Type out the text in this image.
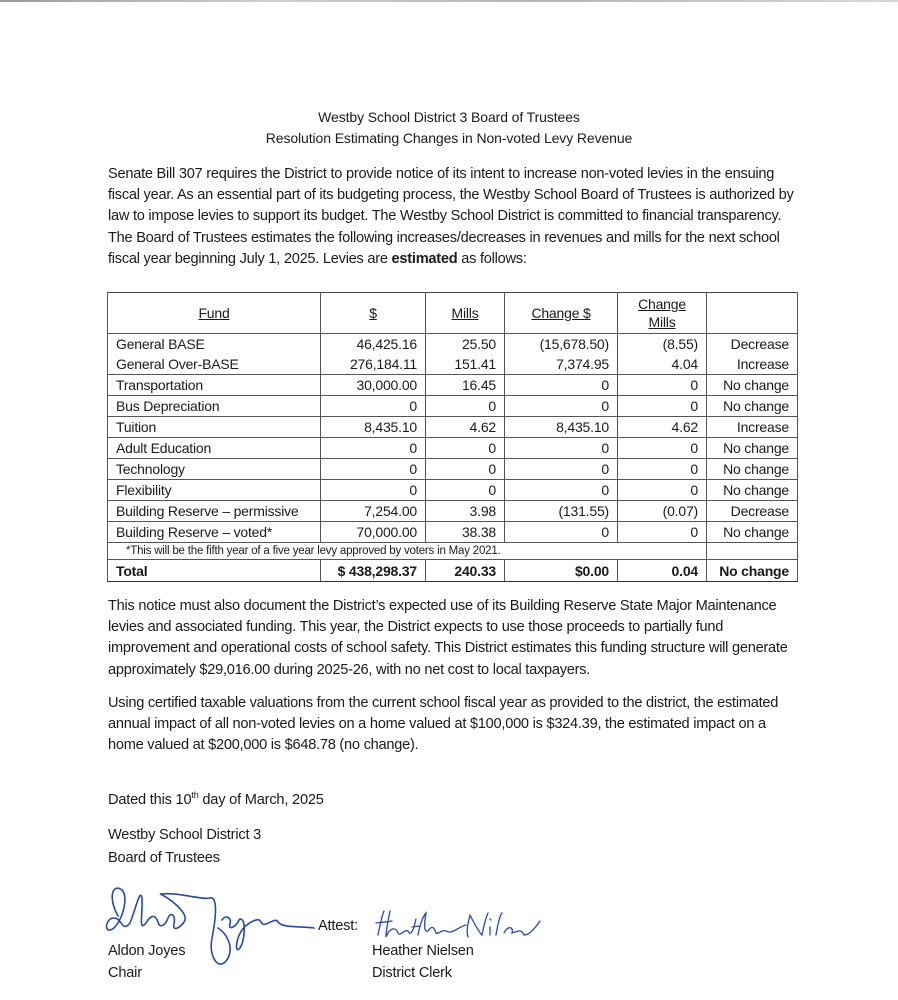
Westby School District 3 Board of Trustees
Resolution Estimating Changes in Non-voted Levy Revenue
Senate Bill 307 requires the District to provide notice of its intent to increase non-voted levies in the ensuing fiscal year. As an essential part of its budgeting process, the Westby School Board of Trustees is authorized by law to impose levies to support its budget. The Westby School District is committed to financial transparency. The Board of Trustees estimates the following increases/decreases in revenues and mills for the next school fiscal year beginning July 1, 2025. Levies are estimated as follows:
Fund	$	Mills	Change $	Change
Mills	
General BASE	46,425.16	25.50	(15,678.50)	(8.55)	Decrease
General Over-BASE	276,184.11	151.41	7,374.95	4.04	Increase
Transportation	30,000.00	16.45	0	0	No change
Bus Depreciation	0	0	0	0	No change
Tuition	8,435.10	4.62	8,435.10	4.62	Increase
Adult Education	0	0	0	0	No change
Technology	0	0	0	0	No change
Flexibility	0	0	0	0	No change
Building Reserve – permissive	7,254.00	3.98	(131.55)	(0.07)	Decrease
Building Reserve – voted*	70,000.00	38.38	0	0	No change
*This will be the fifth year of a five year levy approved by voters in May 2021.					
Total	$ 438,298.37	240.33	$0.00	0.04	No change
This notice must also document the District’s expected use of its Building Reserve State Major Maintenance levies and associated funding. This year, the District expects to use those proceeds to partially fund improvement and operational costs of school safety. This District estimates this funding structure will generate approximately $29,016.00 during 2025-26, with no net cost to local taxpayers.
Using certified taxable valuations from the current school fiscal year as provided to the district, the estimated annual impact of all non-voted levies on a home valued at $100,000 is $324.39, the estimated impact on a home valued at $200,000 is $648.78 (no change).
Dated this 10th day of March, 2025
Westby School District 3
Board of Trustees
Attest:
Aldon Joyes
Chair
Heather Nielsen
District Clerk
